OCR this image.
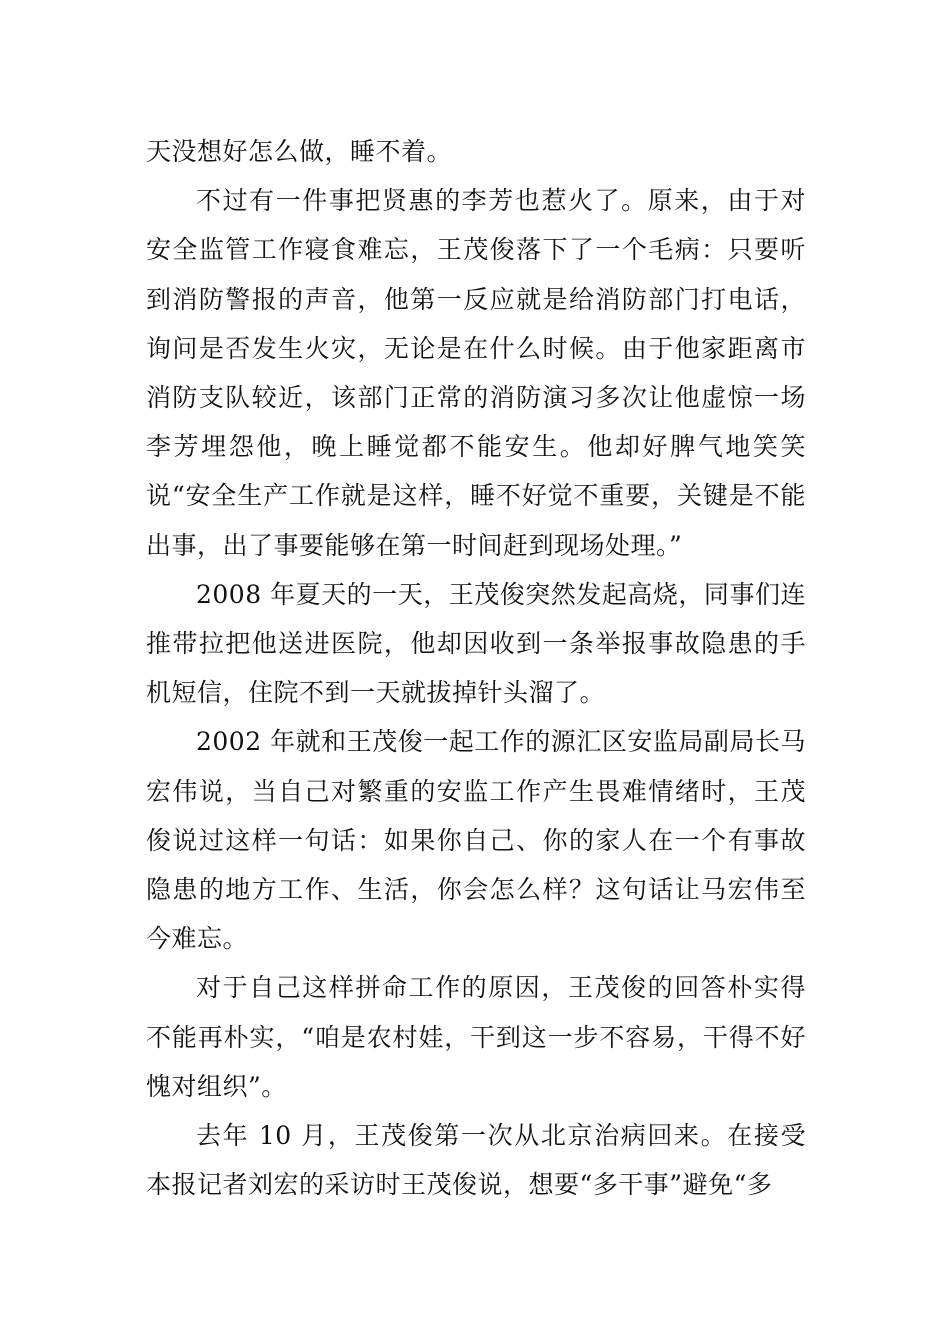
天没想好怎么做，睡不着。

不过有一件事把贤惠的李芳也惹火了。原来，由于对安全监管工作寝食难忘，王茂俊落下了一个毛病：只要听到消防警报的声音，他第一反应就是给消防部门打电话，询问是否发生火灾，无论是在什么时候。由于他家距离市消防支队较近，该部门正常的消防演习多次让他虚惊一场李芳埋怨他，晚上睡觉都不能安生。他却好脾气地笑笑说“安全生产工作就是这样，睡不好觉不重要，关键是不能出事，出了事要能够在第一时间赶到现场处理。”

2008 年夏天的一天，王茂俊突然发起高烧，同事们连推带拉把他送进医院，他却因收到一条举报事故隐患的手机短信，住院不到一天就拔掉针头溜了。

2002 年就和王茂俊一起工作的源汇区安监局副局长马宏伟说，当自己对繁重的安监工作产生畏难情绪时，王茂俊说过这样一句话：如果你自己、你的家人在一个有事故隐患的地方工作、生活，你会怎么样？这句话让马宏伟至今难忘。

对于自己这样拼命工作的原因，王茂俊的回答朴实得不能再朴实，“咱是农村娃，干到这一步不容易，干得不好愧对组织”。

去年 10 月，王茂俊第一次从北京治病回来。在接受本报记者刘宏的采访时王茂俊说，想要“多干事”避免“多
